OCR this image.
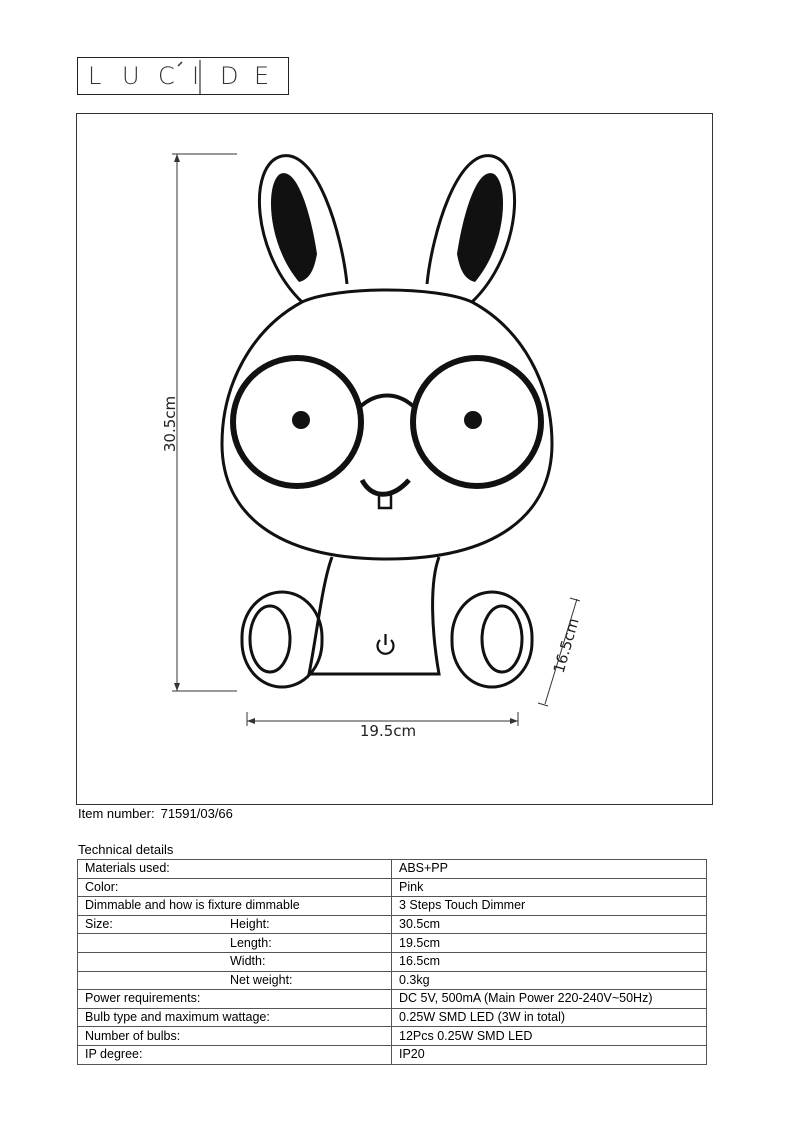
L U C I D E
30.5cm
19.5cm
16.5cm
Item number: 71591/03/66
Technical details
Materials used:	ABS+PP
Color:	Pink
Dimmable and how is fixture dimmable	3 Steps Touch Dimmer
Size: Height:	30.5cm
Length:	19.5cm
Width:	16.5cm
Net weight:	0.3kg
Power requirements:	DC 5V, 500mA (Main Power 220-240V~50Hz)
Bulb type and maximum wattage:	0.25W SMD LED (3W in total)
Number of bulbs:	12Pcs 0.25W SMD LED
IP degree:	IP20
